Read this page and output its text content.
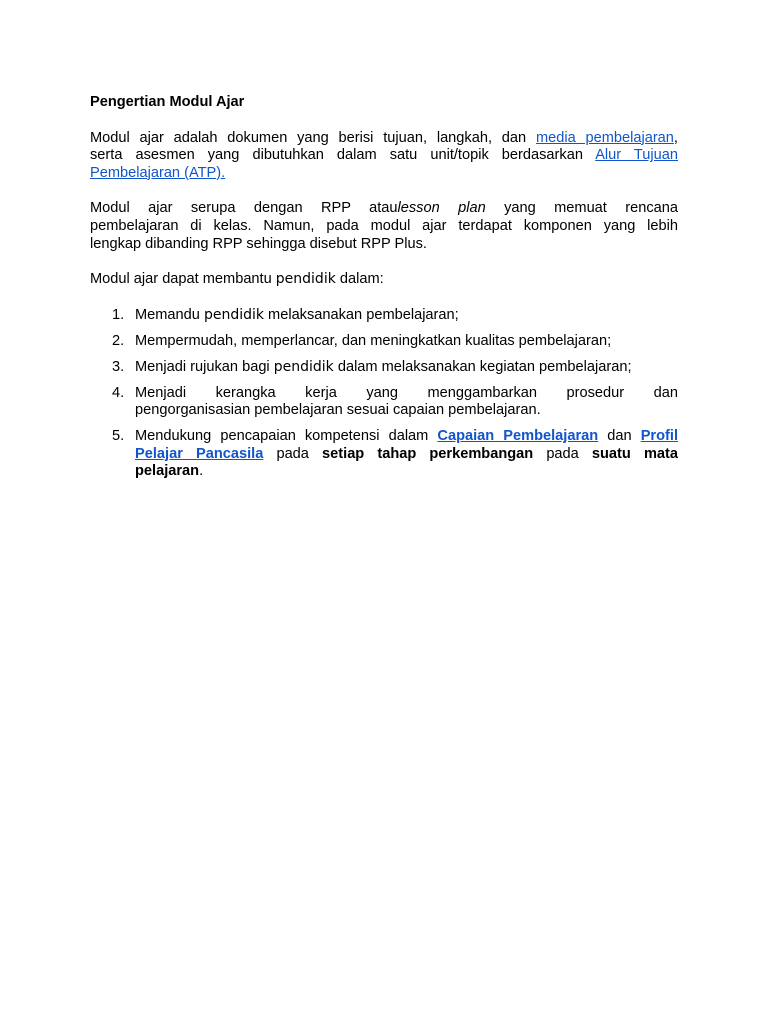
Pengertian Modul Ajar
Modul ajar adalah dokumen yang berisi tujuan, langkah, dan media pembelajaran,
serta asesmen yang dibutuhkan dalam satu unit/topik berdasarkan Alur Tujuan
Pembelajaran (ATP).
Modul ajar serupa dengan RPP ataulesson plan yang memuat rencana
pembelajaran di kelas. Namun, pada modul ajar terdapat komponen yang lebih
lengkap dibanding RPP sehingga disebut RPP Plus.
Modul ajar dapat membantu pendidik dalam:
1. Memandu pendidik melaksanakan pembelajaran;
2. Mempermudah, memperlancar, dan meningkatkan kualitas pembelajaran;
3. Menjadi rujukan bagi pendidik dalam melaksanakan kegiatan pembelajaran;
4. Menjadi kerangka kerja yang menggambarkan prosedur dan
pengorganisasian pembelajaran sesuai capaian pembelajaran.
5. Mendukung pencapaian kompetensi dalam Capaian Pembelajaran dan Profil
Pelajar Pancasila pada setiap tahap perkembangan pada suatu mata
pelajaran.
